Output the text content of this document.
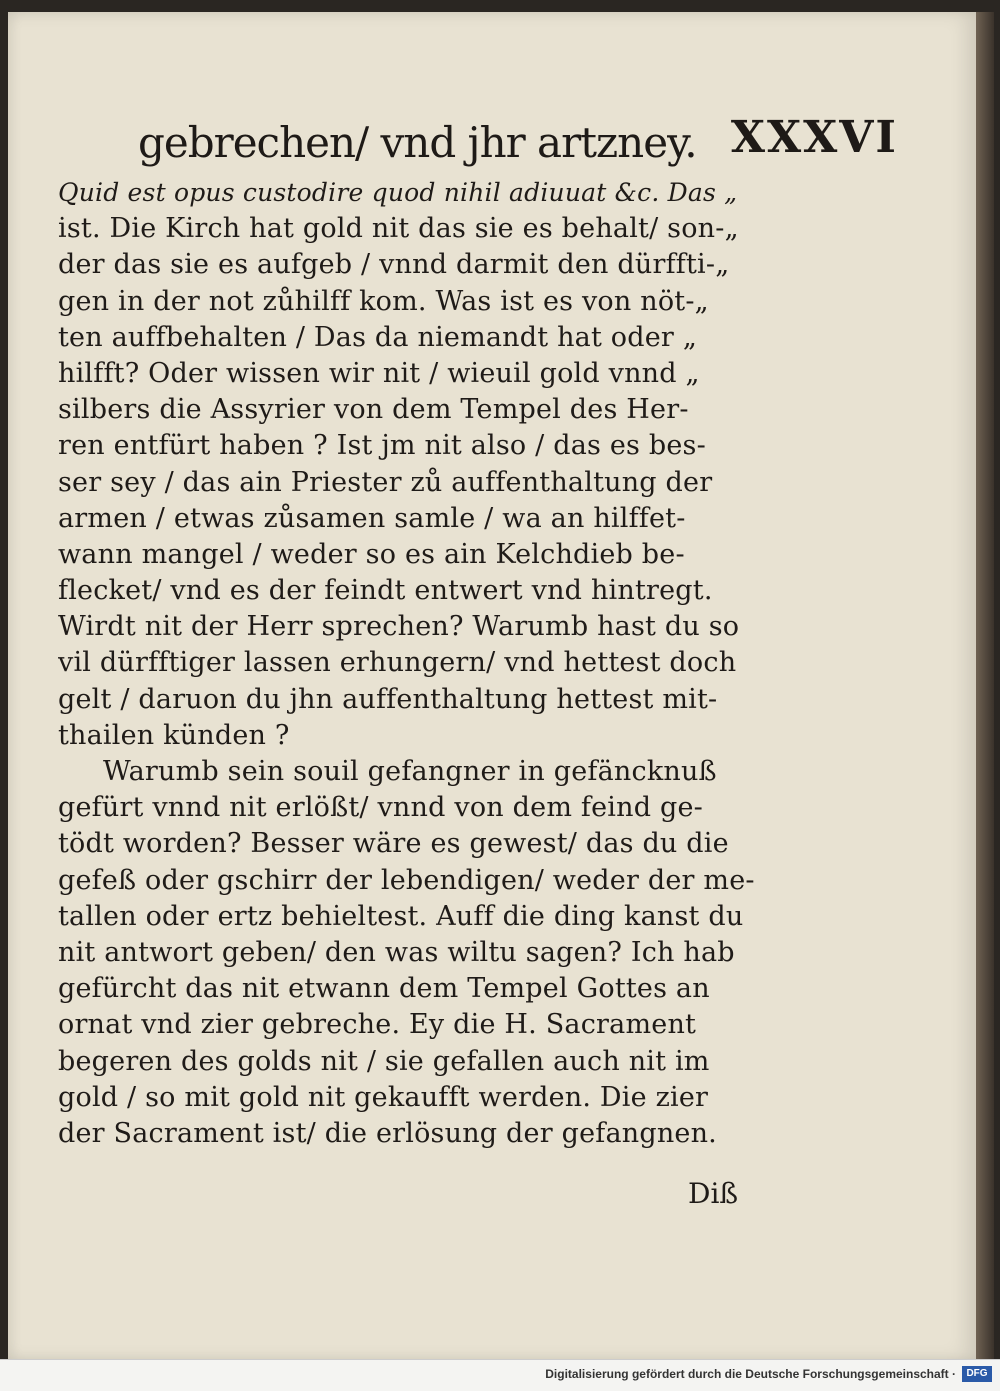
gebrechen/ vnd jhr artzney. XXXVI
Quid est opus custodire quod nihil adiuuat &c. Das „
ist. Die Kirch hat gold nit das sie es behalt/ son-„
der das sie es aufgeb / vnnd darmit den dürffti-„
gen in der not zůhilff kom. Was ist es von nöt-„
ten auffbehalten / Das da niemandt hat oder „
hilfft? Oder wissen wir nit / wieuil gold vnnd „
silbers die Assyrier von dem Tempel des Her-
ren entfürt haben ? Ist jm nit also / das es bes-
ser sey / das ain Priester zů auffenthaltung der
armen / etwas zůsamen samle / wa an hilffet-
wann mangel / weder so es ain Kelchdieb be-
flecket/ vnd es der feindt entwert vnd hintregt.
Wirdt nit der Herr sprechen? Warumb hast du so
vil dürfftiger lassen erhungern/ vnd hettest doch
gelt / daruon du jhn auffenthaltung hettest mit-
thailen künden ?
Warumb sein souil gefangner in gefäncknuß
gefürt vnnd nit erlößt/ vnnd von dem feind ge-
tödt worden? Besser wäre es gewest/ das du die
gefeß oder gschirr der lebendigen/ weder der me-
tallen oder ertz behieltest. Auff die ding kanst du
nit antwort geben/ den was wiltu sagen? Ich hab
gefürcht das nit etwann dem Tempel Gottes an
ornat vnd zier gebreche. Ey die H. Sacrament
begeren des golds nit / sie gefallen auch nit im
gold / so mit gold nit gekaufft werden. Die zier
der Sacrament ist/ die erlösung der gefangnen.
Diß
Digitalisierung gefördert durch die Deutsche Forschungsgemeinschaft ·	DFG
